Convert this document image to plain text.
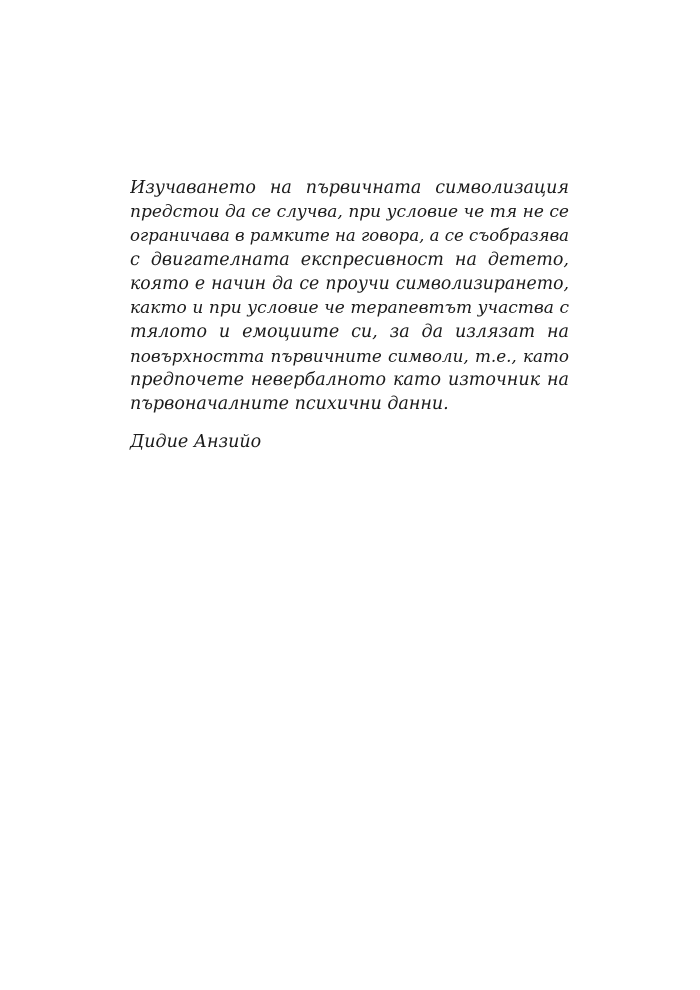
Изучаването на първичната символизация
предстои да се случва, при условие че тя не се
ограничава в рамките на говора, а се съобразява
с двигателната експресивност на детето,
която е начин да се проучи символизирането,
както и при условие че терапевтът участва с
тялото и емоциите си, за да излязат на
повърхността първичните символи, т.е., като
предпочете невербалното като източник на
първоначалните психични данни.
Дидие Анзийо
